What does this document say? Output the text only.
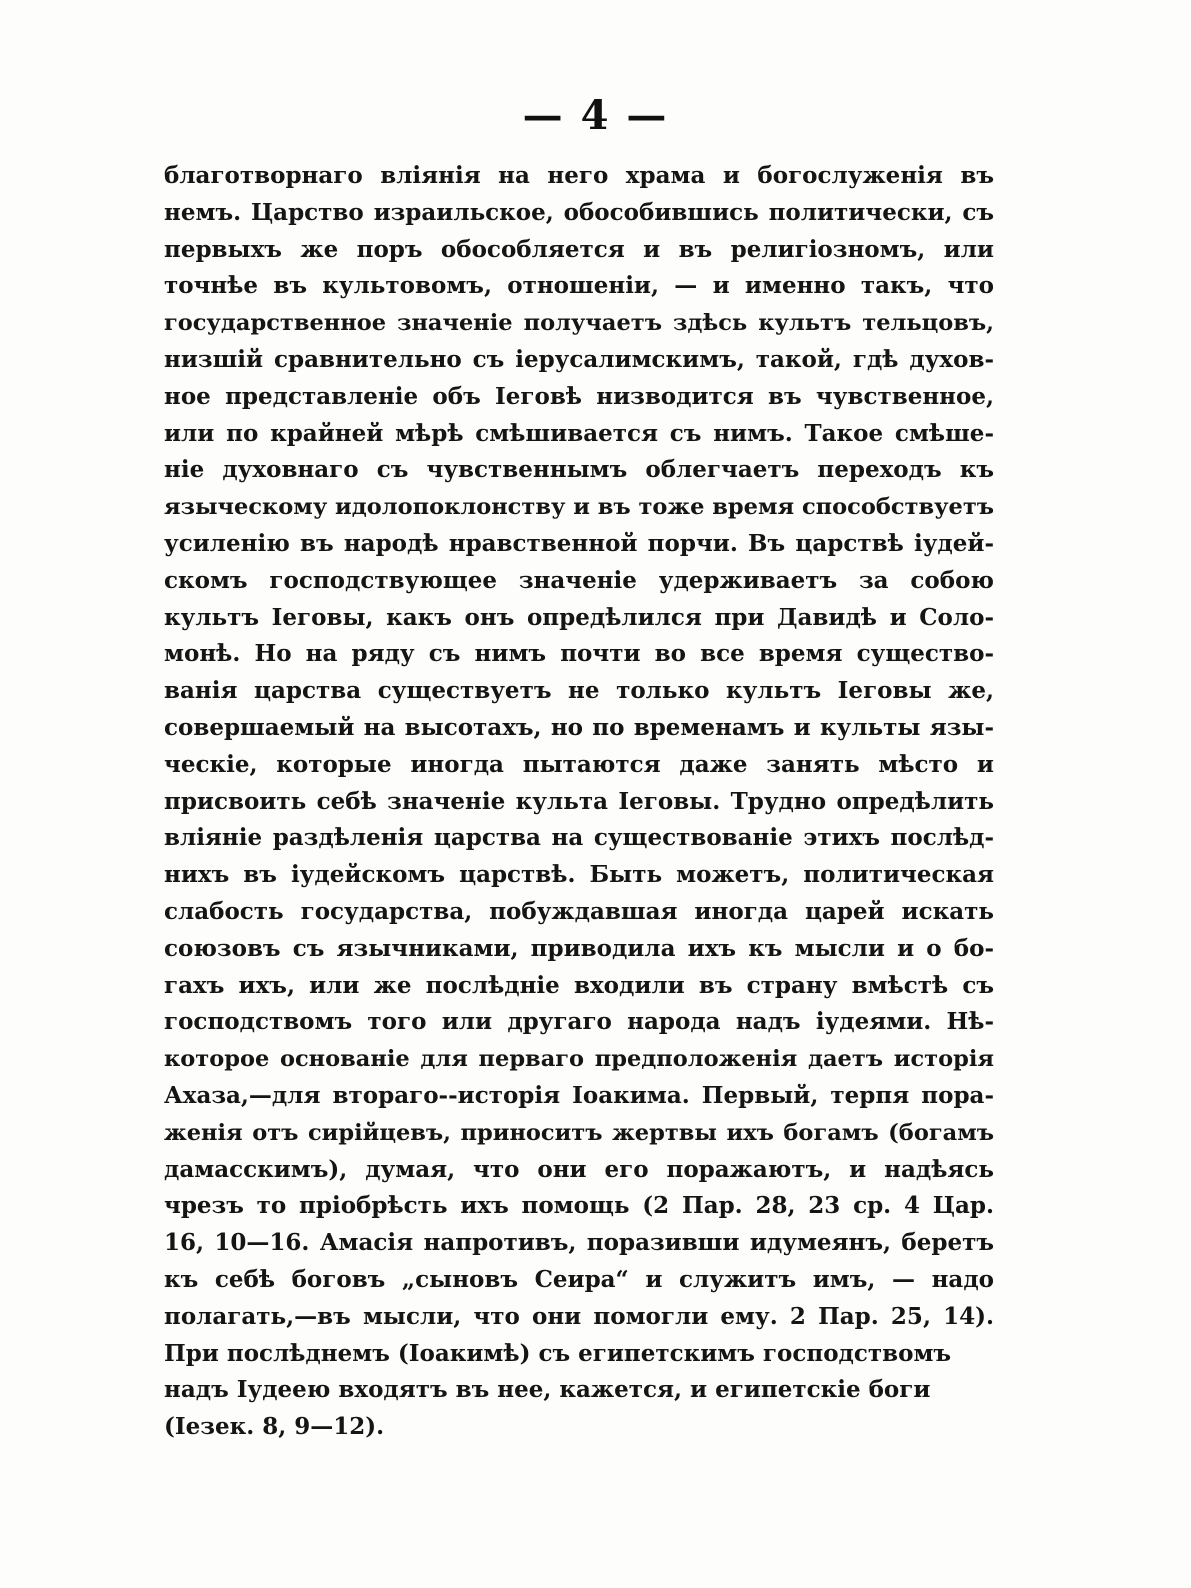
— 4 —
благотворнаго вліянія на него храма и богослуженія въ
немъ. Царство израильское, обособившись политически, съ
первыхъ же поръ обособляется и въ религіозномъ, или
точнѣе въ культовомъ, отношеніи, — и именно такъ, что
государственное значеніе получаетъ здѣсь культъ тельцовъ,
низшій сравнительно съ іерусалимскимъ, такой, гдѣ духов-
ное представленіе объ Іеговѣ низводится въ чувственное,
или по крайней мѣрѣ смѣшивается съ нимъ. Такое смѣше-
ніе духовнаго съ чувственнымъ облегчаетъ переходъ къ
языческому идолопоклонству и въ тоже время способствуетъ
усиленію въ народѣ нравственной порчи. Въ царствѣ іудей-
скомъ господствующее значеніе удерживаетъ за собою
культъ Іеговы, какъ онъ опредѣлился при Давидѣ и Соло-
монѣ. Но на ряду съ нимъ почти во все время существо-
ванія царства существуетъ не только культъ Іеговы же,
совершаемый на высотахъ, но по временамъ и культы язы-
ческіе, которые иногда пытаются даже занять мѣсто и
присвоить себѣ значеніе культа Іеговы. Трудно опредѣлить
вліяніе раздѣленія царства на существованіе этихъ послѣд-
нихъ въ іудейскомъ царствѣ. Быть можетъ, политическая
слабость государства, побуждавшая иногда царей искать
союзовъ съ язычниками, приводила ихъ къ мысли и о бо-
гахъ ихъ, или же послѣдніе входили въ страну вмѣстѣ съ
господствомъ того или другаго народа надъ іудеями. Нѣ-
которое основаніе для перваго предположенія даетъ исторія
Ахаза,—для втораго--исторія Іоакима. Первый, терпя пора-
женія отъ сирійцевъ, приноситъ жертвы ихъ богамъ (богамъ
дамасскимъ), думая, что они его поражаютъ, и надѣясь
чрезъ то пріобрѣсть ихъ помощь (2 Пар. 28, 23 ср. 4 Цар.
16, 10—16. Амасія напротивъ, поразивши идумеянъ, беретъ
къ себѣ боговъ „сыновъ Сеира“ и служитъ имъ, — надо
полагать,—въ мысли, что они помогли ему. 2 Пар. 25, 14).
При послѣднемъ (Іоакимѣ) съ египетскимъ господствомъ
надъ Іудеею входятъ въ нее, кажется, и египетскіе боги
(Іезек. 8, 9—12).
